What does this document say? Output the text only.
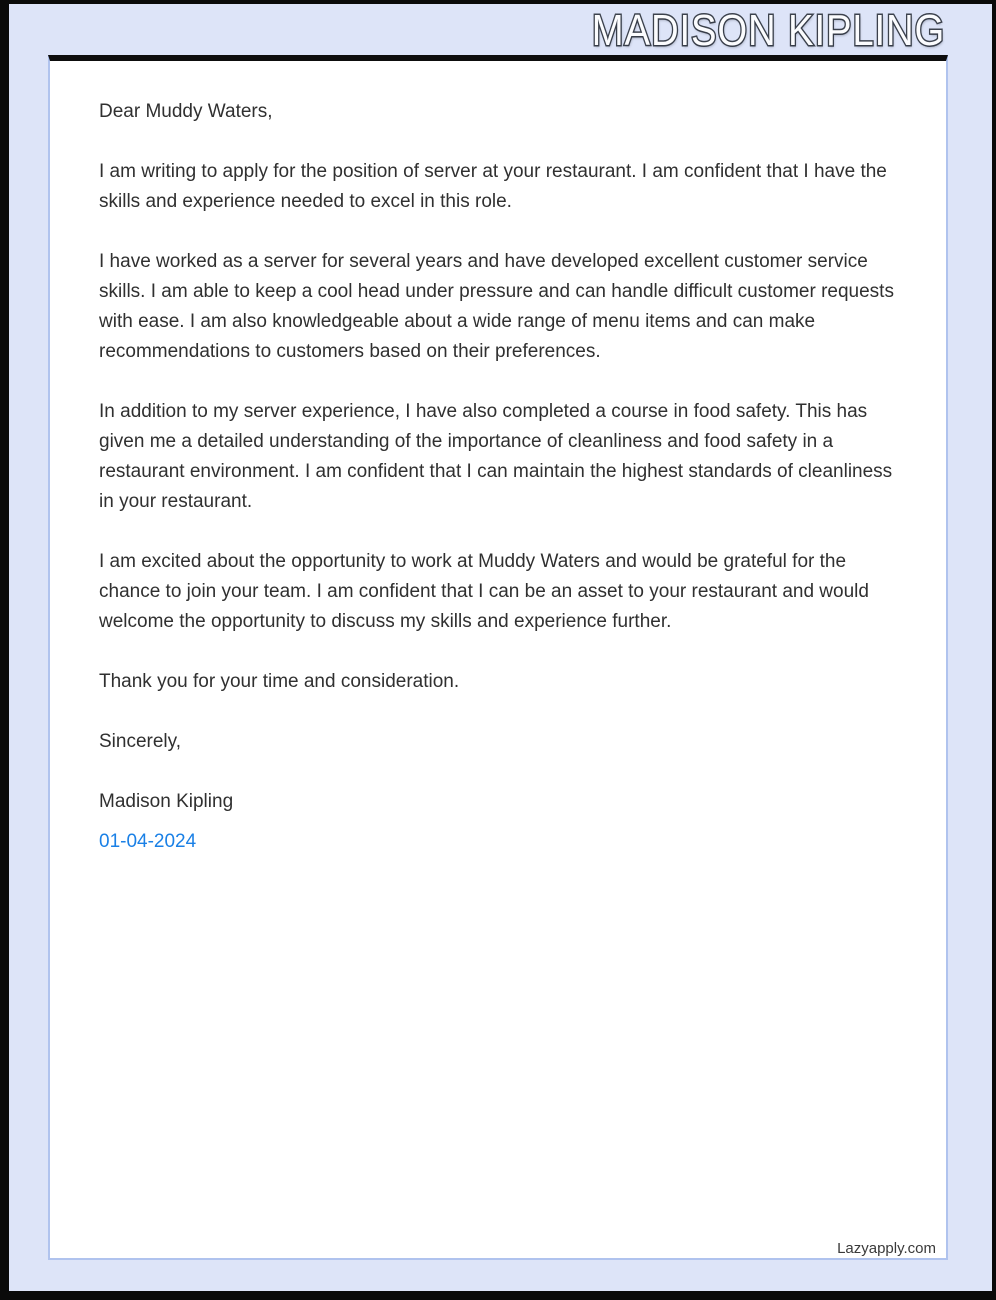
MADISON KIPLING

Dear Muddy Waters,

I am writing to apply for the position of server at your restaurant. I am confident that I have the skills and experience needed to excel in this role.

I have worked as a server for several years and have developed excellent customer service skills. I am able to keep a cool head under pressure and can handle difficult customer requests with ease. I am also knowledgeable about a wide range of menu items and can make recommendations to customers based on their preferences.

In addition to my server experience, I have also completed a course in food safety. This has given me a detailed understanding of the importance of cleanliness and food safety in a restaurant environment. I am confident that I can maintain the highest standards of cleanliness in your restaurant.

I am excited about the opportunity to work at Muddy Waters and would be grateful for the chance to join your team. I am confident that I can be an asset to your restaurant and would welcome the opportunity to discuss my skills and experience further.

Thank you for your time and consideration.

Sincerely,

Madison Kipling

01-04-2024
Lazyapply.com
